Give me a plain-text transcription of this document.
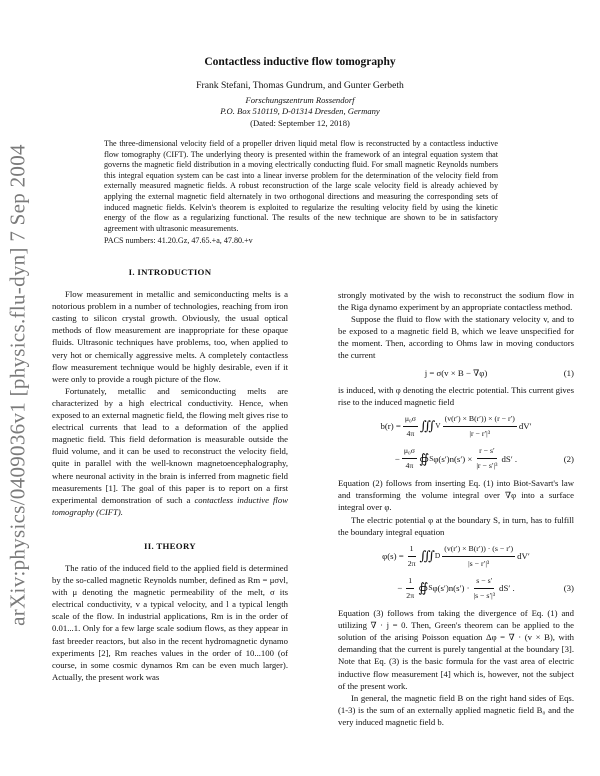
arXiv:physics/0409036v1 [physics.flu-dyn] 7 Sep 2004
Contactless inductive flow tomography
Frank Stefani, Thomas Gundrum, and Gunter Gerbeth
Forschungszentrum Rossendorf
P.O. Box 510119, D-01314 Dresden, Germany
(Dated: September 12, 2018)
The three-dimensional velocity field of a propeller driven liquid metal flow is reconstructed by a contactless inductive flow tomography (CIFT). The underlying theory is presented within the framework of an integral equation system that governs the magnetic field distribution in a moving electrically conducting fluid. For small magnetic Reynolds numbers this integral equation system can be cast into a linear inverse problem for the determination of the velocity field from externally measured magnetic fields. A robust reconstruction of the large scale velocity field is already achieved by applying the external magnetic field alternately in two orthogonal directions and measuring the corresponding sets of induced magnetic fields. Kelvin's theorem is exploited to regularize the resulting velocity field by using the kinetic energy of the flow as a regularizing functional. The results of the new technique are shown to be in satisfactory agreement with ultrasonic measurements.
PACS numbers: 41.20.Gz, 47.65.+a, 47.80.+v
I. INTRODUCTION

Flow measurement in metallic and semiconducting melts is a notorious problem in a number of technologies, reaching from iron casting to silicon crystal growth. Obviously, the usual optical methods of flow measurement are inappropriate for these opaque fluids. Ultrasonic techniques have problems, too, when applied to very hot or chemically aggressive melts. A completely contactless flow measurement technique would be highly desirable, even if it were only to provide a rough picture of the flow.

Fortunately, metallic and semiconducting melts are characterized by a high electrical conductivity. Hence, when exposed to an external magnetic field, the flowing melt gives rise to electrical currents that lead to a deformation of the applied magnetic field. This field deformation is measurable outside the fluid volume, and it can be used to reconstruct the velocity field, quite in parallel with the well-known magnetoencephalography, where neuronal activity in the brain is inferred from magnetic field measurements [1]. The goal of this paper is to report on a first experimental demonstration of such a contactless inductive flow tomography (CIFT).

II. THEORY

The ratio of the induced field to the applied field is determined by the so-called magnetic Reynolds number, defined as Rm = μσvl, with μ denoting the magnetic permeability of the melt, σ its electrical conductivity, v a typical velocity, and l a typical length scale of the flow. In industrial applications, Rm is in the order of 0.01...1. Only for a few large scale sodium flows, as they appear in fast breeder reactors, but also in the recent hydromagnetic dynamo experiments [2], Rm reaches values in the order of 10...100 (of course, in some cosmic dynamos Rm can be even much larger). Actually, the present work was

strongly motivated by the wish to reconstruct the sodium flow in the Riga dynamo experiment by an appropriate contactless method.

Suppose the fluid to flow with the stationary velocity v, and to be exposed to a magnetic field B, which we leave unspecified for the moment. Then, according to Ohms law in moving conductors the current

j = σ(v × B − ∇φ)	(1)

is induced, with φ denoting the electric potential. This current gives rise to the induced magnetic field

$b(r) = \frac{\text{μ₀σ}}{4\pi}$ ∭ V $\frac{(v(r') \times B(r')) \times (r - r')}{\text{|r − r′|³}} dV'$
− $\frac{\text{μ₀σ}}{4\pi}$ ∯ S $\varphi(s')n(s') \times \frac{r - s'}{\text{|r − s′|³}} dS'$ .	(2)

Equation (2) follows from inserting Eq. (1) into Biot-Savart's law and transforming the volume integral over ∇φ into a surface integral over φ.

The electric potential φ at the boundary S, in turn, has to fulfill the boundary integral equation

$\varphi(s) = \frac{1}{2\pi}$ ∭ D $\frac{(v(r') \times B(r')) \cdot (s - r')}{\text{|s − r′|³}} dV'$
− $\frac{1}{2\pi}$ ∯ S $\varphi(s')n(s') \cdot \frac{s - s'}{\text{|s − s′|³}} dS'$ .	(3)

Equation (3) follows from taking the divergence of Eq. (1) and utilizing ∇ · j = 0. Then, Green's theorem can be applied to the solution of the arising Poisson equation Δφ = ∇ · (v × B), with demanding that the current is purely tangential at the boundary [3]. Note that Eq. (3) is the basic formula for the vast area of electric inductive flow measurement [4] which is, however, not the subject of the present work.

In general, the magnetic field B on the right hand sides of Eqs. (1-3) is the sum of an externally applied magnetic field B₀ and the very induced magnetic field b.
